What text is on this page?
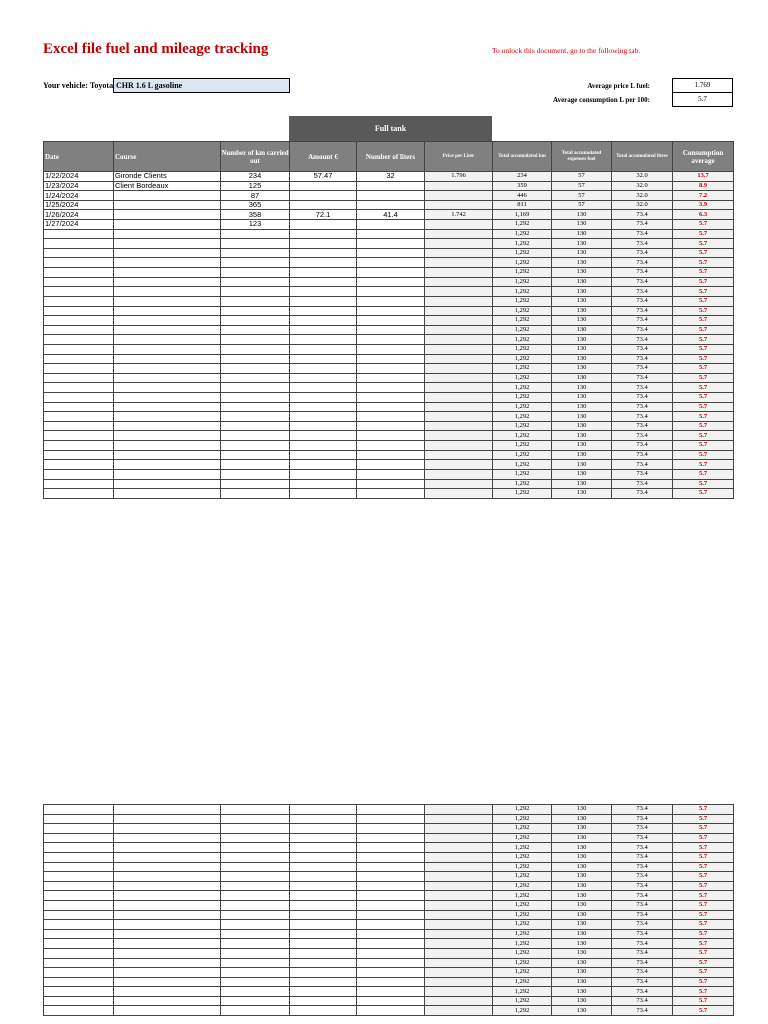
Excel file fuel and mileage tracking	To unlock this document, go to the following tab.
Your vehicle: Toyota CHR 1.6 L gasoline	Average price L fuel:	1.769
Average consumption L per 100:	5.7
Full tank
Date	Course	Number of km carried out	Amount €	Number of liters	Price per Liter	Total accumulated km	Total accumulated expenses fuel	Total accumulated litres	Consumption average
1/22/2024	Gironde Clients	234	57.47	32	1.796	234	57	32.0	13.7
1/23/2024	Client Bordeaux	125				359	57	32.0	8.9
1/24/2024		87				446	57	32.0	7.2
1/25/2024		365				811	57	32.0	3.9
1/26/2024		358	72.1	41.4	1.742	1,169	130	73.4	6.3
1/27/2024		123				1,292	130	73.4	5.7
						1,292	130	73.4	5.7
						1,292	130	73.4	5.7
						1,292	130	73.4	5.7
						1,292	130	73.4	5.7
						1,292	130	73.4	5.7
						1,292	130	73.4	5.7
						1,292	130	73.4	5.7
						1,292	130	73.4	5.7
						1,292	130	73.4	5.7
						1,292	130	73.4	5.7
						1,292	130	73.4	5.7
						1,292	130	73.4	5.7
						1,292	130	73.4	5.7
						1,292	130	73.4	5.7
						1,292	130	73.4	5.7
						1,292	130	73.4	5.7
						1,292	130	73.4	5.7
						1,292	130	73.4	5.7
						1,292	130	73.4	5.7
						1,292	130	73.4	5.7
						1,292	130	73.4	5.7
						1,292	130	73.4	5.7
						1,292	130	73.4	5.7
						1,292	130	73.4	5.7
						1,292	130	73.4	5.7
						1,292	130	73.4	5.7
						1,292	130	73.4	5.7
						1,292	130	73.4	5.7
						1,292	130	73.4	5.7
						1,292	130	73.4	5.7
						1,292	130	73.4	5.7
						1,292	130	73.4	5.7
						1,292	130	73.4	5.7
						1,292	130	73.4	5.7
						1,292	130	73.4	5.7
						1,292	130	73.4	5.7
						1,292	130	73.4	5.7
						1,292	130	73.4	5.7
						1,292	130	73.4	5.7
						1,292	130	73.4	5.7
						1,292	130	73.4	5.7
						1,292	130	73.4	5.7
						1,292	130	73.4	5.7
						1,292	130	73.4	5.7
						1,292	130	73.4	5.7
						1,292	130	73.4	5.7
						1,292	130	73.4	5.7
						1,292	130	73.4	5.7
						1,292	130	73.4	5.7
						1,292	130	73.4	5.7
